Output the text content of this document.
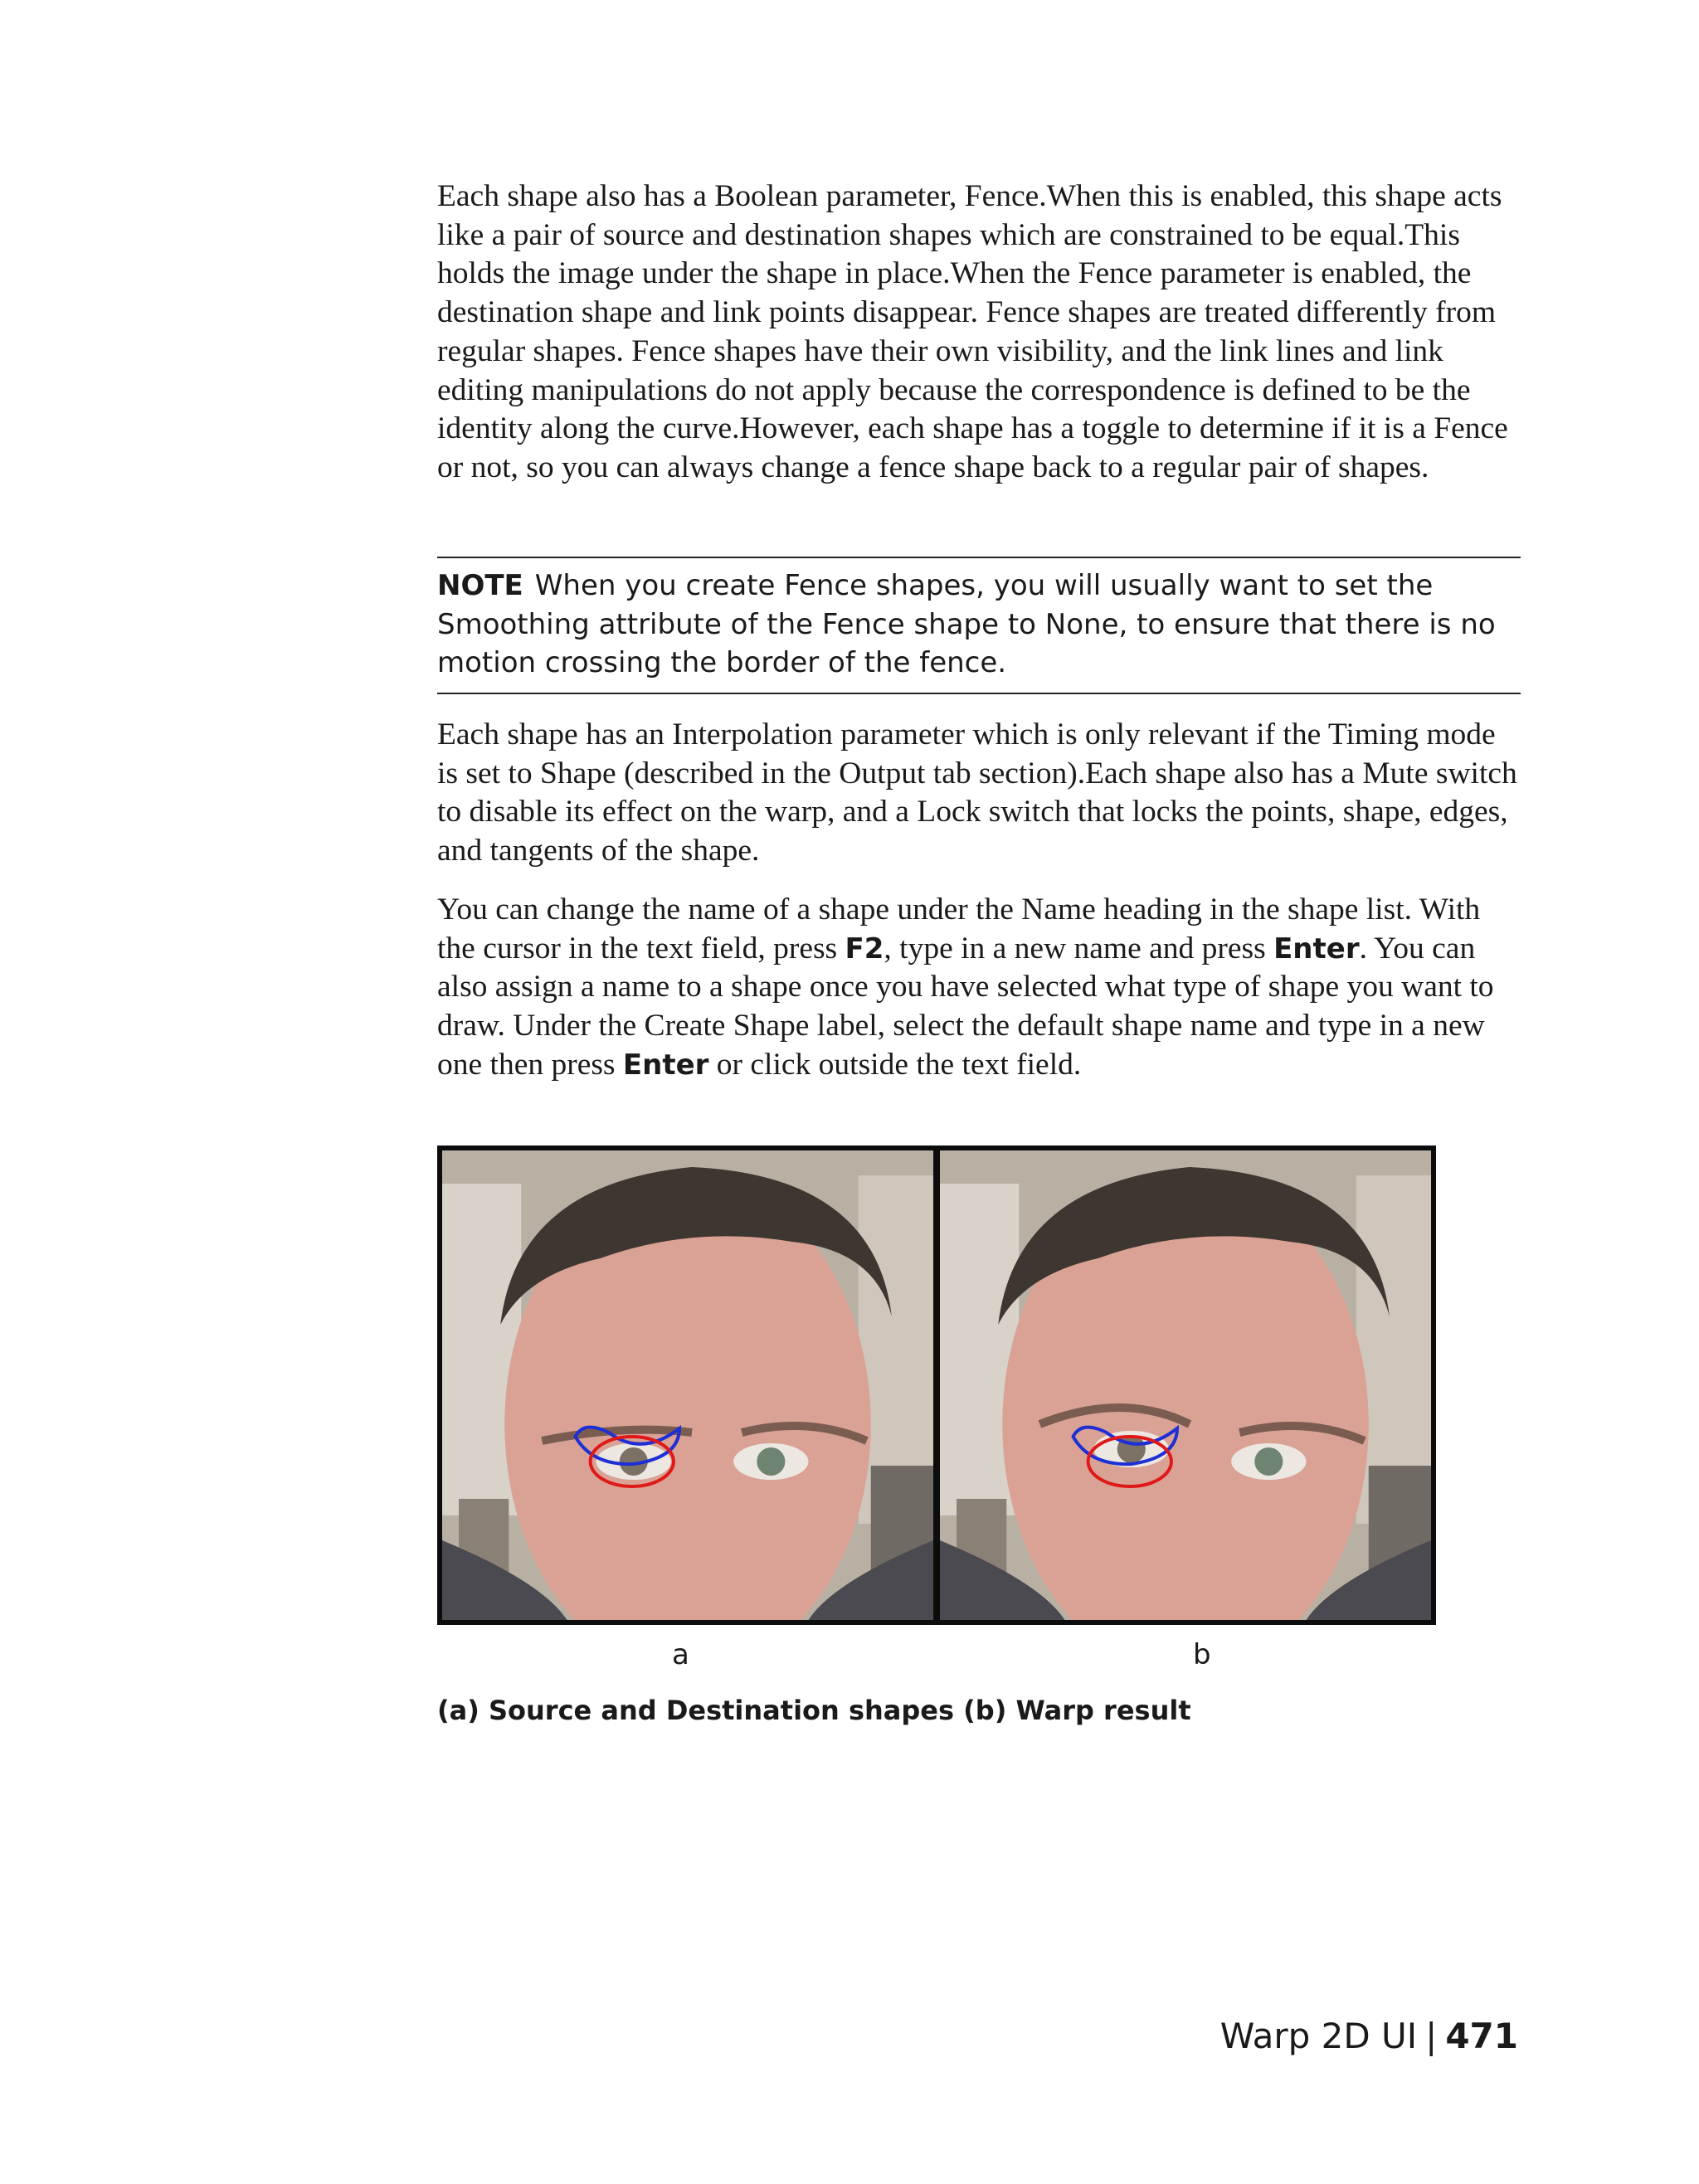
Each shape also has a Boolean parameter, Fence.When this is enabled, this shape acts like a pair of source and destination shapes which are constrained to be equal.This holds the image under the shape in place.When the Fence parameter is enabled, the destination shape and link points disappear. Fence shapes are treated differently from regular shapes. Fence shapes have their own visibility, and the link lines and link editing manipulations do not apply because the correspondence is defined to be the identity along the curve.However, each shape has a toggle to determine if it is a Fence or not, so you can always change a fence shape back to a regular pair of shapes.

NOTE When you create Fence shapes, you will usually want to set the Smoothing attribute of the Fence shape to None, to ensure that there is no motion crossing the border of the fence.

Each shape has an Interpolation parameter which is only relevant if the Timing mode is set to Shape (described in the Output tab section).Each shape also has a Mute switch to disable its effect on the warp, and a Lock switch that locks the points, shape, edges, and tangents of the shape.

You can change the name of a shape under the Name heading in the shape list. With the cursor in the text field, press F2, type in a new name and press Enter. You can also assign a name to a shape once you have selected what type of shape you want to draw. Under the Create Shape label, select the default shape name and type in a new one then press Enter or click outside the text field.

a	b
(a) Source and Destination shapes (b) Warp result
Warp 2D UI | 471
